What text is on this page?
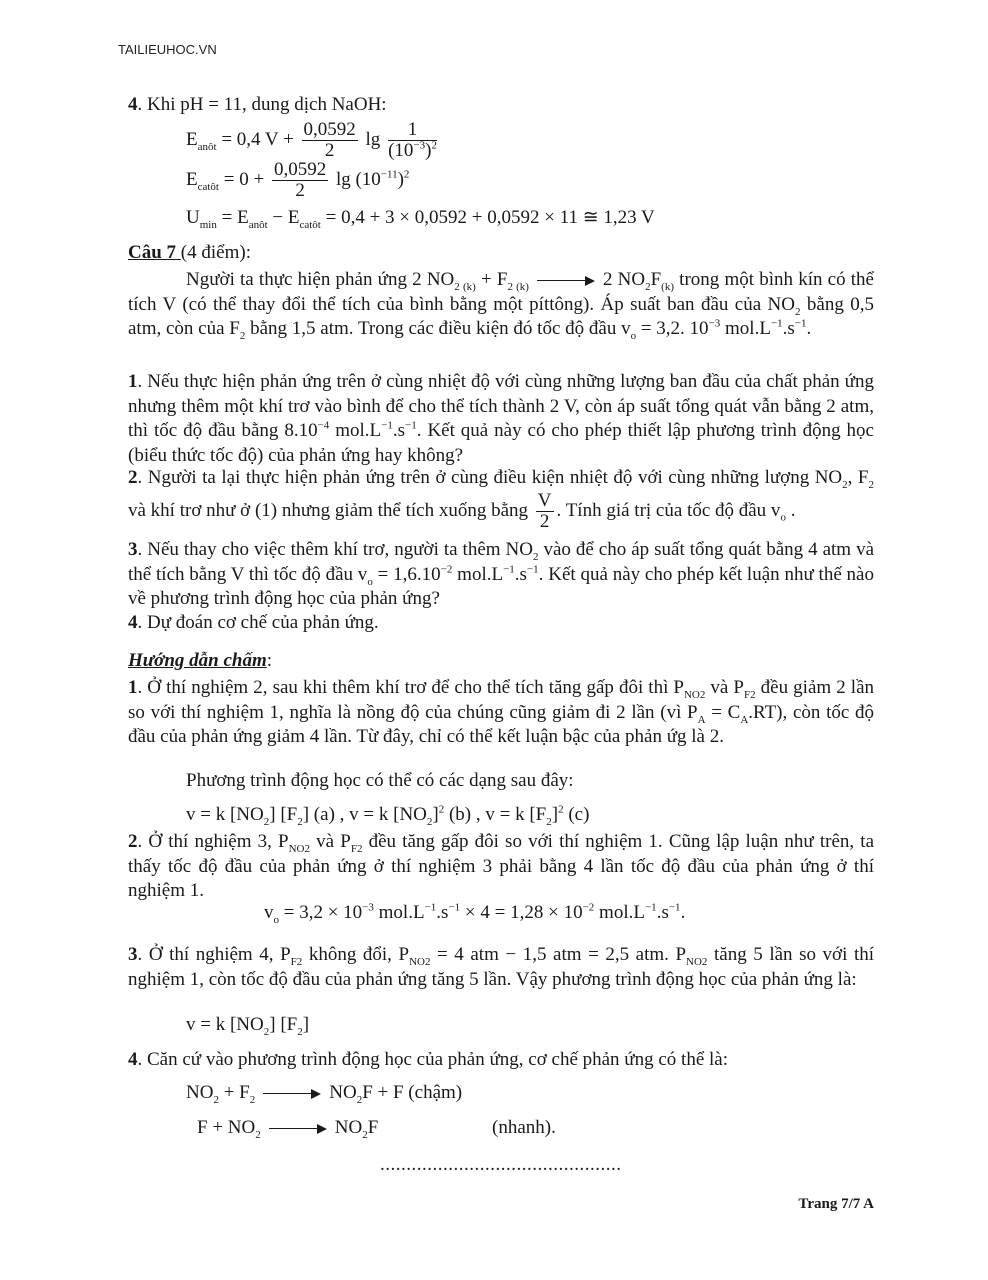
TAILIEUHOC.VN
4. Khi pH = 11, dung dịch NaOH:
$E_{anôt} = 0,4$ $V + \frac{0,0592}{2}$ $\lg \frac{1}{(10^{-3})^2}$
$E_{catôt} = 0 + \frac{0,0592}{2}$ $\lg (10^{-11})^2$
$U_{min} = E_{anôt} - E_{catôt} = 0,4 + 3 \times 0,0592 + 0,0592 \times 11$ ≅ 1,23 V
Câu 7 (4 điểm):
Người ta thực hiện phản ứng 2 $NO_{2 (k)} + F_{2 (k)}$	2 $NO_2F_{(k)}$ trong một bình kín có thể tích V (có thể thay đổi thể tích của bình bằng một píttông). Áp suất ban đầu của $NO_2$ bằng 0,5 atm, còn của $F_2$ bằng 1,5 atm. Trong các điều kiện đó tốc độ đầu $v_o = 3,2$. $10^{-3}$ $mol.L^{-1}.s^{-1}$.
1. Nếu thực hiện phản ứng trên ở cùng nhiệt độ với cùng những lượng ban đầu của chất phản ứng nhưng thêm một khí trơ vào bình để cho thể tích thành 2 V, còn áp suất tổng quát vẫn bằng 2 atm, thì tốc độ đầu bằng $8.10^{-4}$ $mol.L^{-1}.s^{-1}$. Kết quả này có cho phép thiết lập phương trình động học (biểu thức tốc độ) của phản ứng hay không?
2. Người ta lại thực hiện phản ứng trên ở cùng điều kiện nhiệt độ với cùng những lượng $NO_2$, $F_2$ và khí trơ như ở (1) nhưng giảm thể tích xuống bằng $\frac{V}{2}$ . Tính giá trị của tốc độ đầu $v_o$ .
3. Nếu thay cho việc thêm khí trơ, người ta thêm $NO_2$ vào để cho áp suất tổng quát bằng 4 atm và thể tích bằng V thì tốc độ đầu $v_o = 1,6.10^{-2}$ $mol.L^{-1}.s^{-1}$. Kết quả này cho phép kết luận như thế nào về phương trình động học của phản ứng?
4. Dự đoán cơ chế của phản ứng.
Hướng dẫn chấm:
1. Ở thí nghiệm 2, sau khi thêm khí trơ để cho thể tích tăng gấp đôi thì $P_{NO2}$ và $P_{F2}$ đều giảm 2 lần so với thí nghiệm 1, nghĩa là nồng độ của chúng cũng giảm đi 2 lần (vì $P_A = C_A.RT$), còn tốc độ đầu của phản ứng giảm 4 lần. Từ đây, chỉ có thể kết luận bậc của phản ứg là 2.
Phương trình động học có thể có các dạng sau đây:
v = k $[NO_2]$ $[F_2]$ (a) , v = k $[NO_2]^2$ (b) , v = k $[F_2]^2$ (c)
2. Ở thí nghiệm 3, $P_{NO2}$ và $P_{F2}$ đều tăng gấp đôi so với thí nghiệm 1. Cũng lập luận như trên, ta thấy tốc độ đầu của phản ứng ở thí nghiệm 3 phải bằng 4 lần tốc độ đầu của phản ứng ở thí nghiệm 1.
$v_o = 3,2 \times 10^{-3}$ $mol.L^{-1}.s^{-1} \times 4 = 1,28 \times 10^{-2}$ $mol.L^{-1}.s^{-1}$.
3. Ở thí nghiệm 4, $P_{F2}$ không đổi, $P_{NO2} = 4$ atm − 1,5 atm = 2,5 atm. $P_{NO2}$ tăng 5 lần so với thí nghiệm 1, còn tốc độ đầu của phản ứng tăng 5 lần. Vậy phương trình động học của phản ứng là:
v = k $[NO_2]$ $[F_2]$
4. Căn cứ vào phương trình động học của phản ứng, cơ chế phản ứng có thể là:
$NO_2 + F_2$	$NO_2F + F$ (chậm)
$F + NO_2$	$NO_2F$	(nhanh).
..............................................
Trang 7/7 A
